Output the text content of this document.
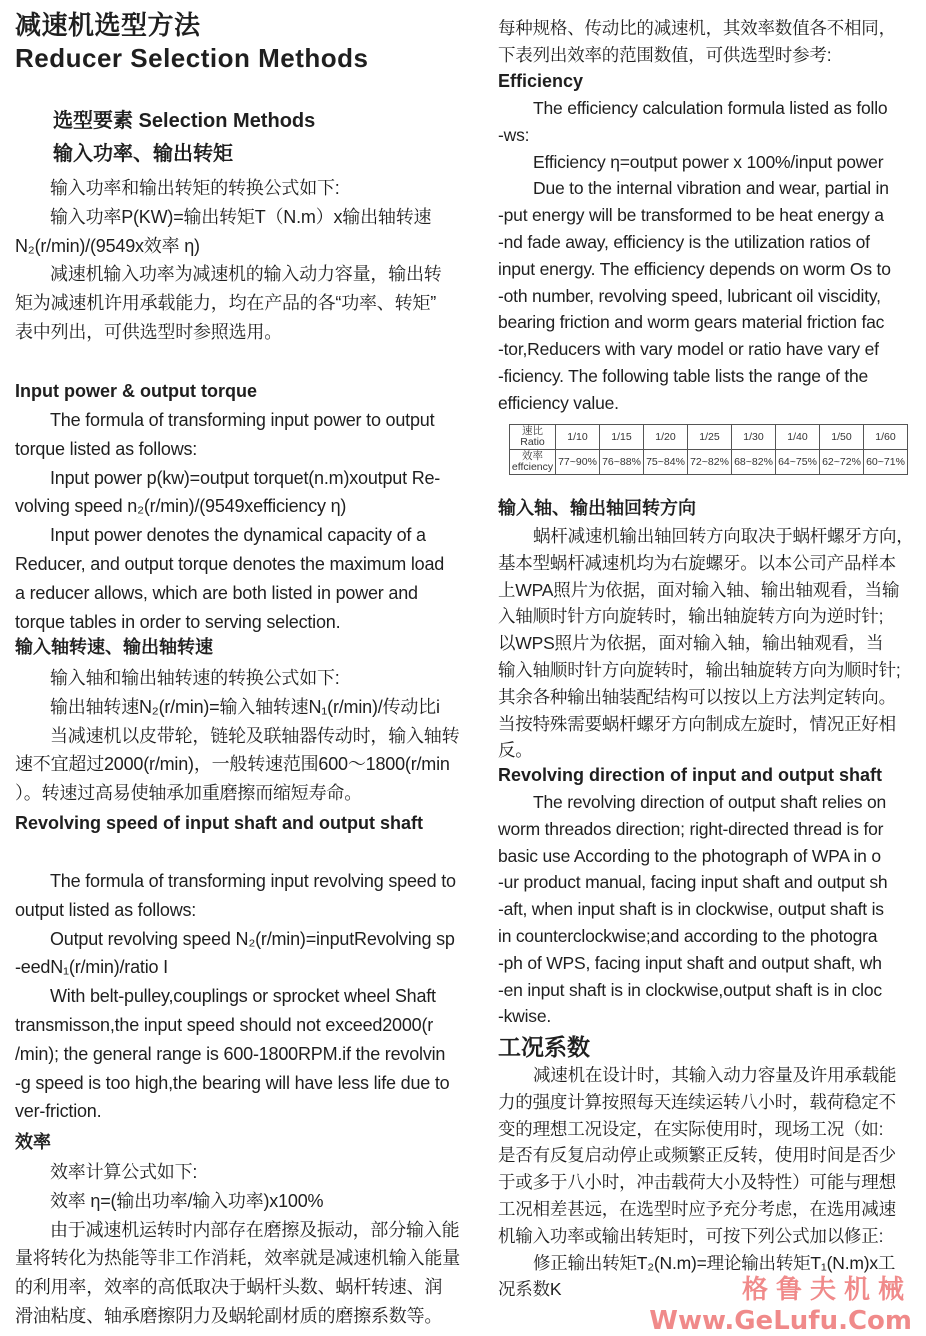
减速机选型方法
Reducer Selection Methods
选型要素 Selection Methods
输入功率、输出转矩
输入功率和输出转矩的转换公式如下:
输入功率P(KW)=输出转矩T（N.m）x输出轴转速
N₂(r/min)/(9549x效率 η)
减速机输入功率为减速机的输入动力容量，输出转
矩为减速机许用承载能力，均在产品的各“功率、转矩”
表中列出，可供选型时参照选用。
Input power & output torque
The formula of transforming input power to output
torque listed as follows:
Input power p(kw)=output torquet(n.m)xoutput Re-
volving speed n₂(r/min)/(9549xefficiency η)
Input power denotes the dynamical capacity of a
Reducer, and output torque denotes the maximum load
a reducer allows, which are both listed in power and
torque tables in order to serving selection.
输入轴转速、输出轴转速
输入轴和输出轴转速的转换公式如下:
输出轴转速N₂(r/min)=输入轴转速N₁(r/min)/传动比i
当减速机以皮带轮，链轮及联轴器传动时，输入轴转
速不宜超过2000(r/min)，一般转速范围600～1800(r/min
）。转速过高易使轴承加重磨擦而缩短寿命。
Revolving speed of input shaft and output shaft
The formula of transforming input revolving speed to
output listed as follows:
Output revolving speed N₂(r/min)=inputRevolving sp
-eedN₁(r/min)/ratio I
With belt-pulley,couplings or sprocket wheel Shaft
transmisson,the input speed should not exceed2000(r
/min); the general range is 600-1800RPM.if the revolvin
-g speed is too high,the bearing will have less life due to
ver-friction.
效率
效率计算公式如下:
效率 η=(输出功率/输入功率)x100%
由于减速机运转时内部存在磨擦及振动，部分输入能
量将转化为热能等非工作消耗，效率就是减速机输入能量
的利用率，效率的高低取决于蜗杆头数、蜗杆转速、润
滑油粘度、轴承磨擦阴力及蜗轮副材质的磨擦系数等。
每种规格、传动比的减速机，其效率数值各不相同，
下表列出效率的范围数值，可供选型时参考:
Efficiency
The efficiency calculation formula listed as follo
-ws:
Efficiency η=output power x 100%/input power
Due to the internal vibration and wear, partial in
-put energy will be transformed to be heat energy a
-nd fade away, efficiency is the utilization ratios of
input energy. The efficiency depends on worm Os to
-oth number, revolving speed, lubricant oil viscidity,
bearing friction and worm gears material friction fac
-tor,Reducers with vary model or ratio have vary ef
-ficiency. The following table lists the range of the
efficiency value.
输入轴、输出轴回转方向
蜗杆减速机输出轴回转方向取决于蜗杆螺牙方向，
基本型蜗杆减速机均为右旋螺牙。以本公司产品样本
上WPA照片为依据，面对输入轴、输出轴观看，当输
入轴顺时针方向旋转时，输出轴旋转方向为逆时针;
以WPS照片为依据，面对输入轴，输出轴观看，当
输入轴顺时针方向旋转时，输出轴旋转方向为顺时针;
其余各种输出轴装配结构可以按以上方法判定转向。
当按特殊需要蜗杆螺牙方向制成左旋时，情况正好相
反。
Revolving direction of input and output shaft
The revolving direction of output shaft relies on
worm threados direction; right-directed thread is for
basic use According to the photograph of WPA in o
-ur product manual, facing input shaft and output sh
-aft, when input shaft is in clockwise, output shaft is
in counterclockwise;and according to the photogra
-ph of WPS, facing input shaft and output shaft, wh
-en input shaft is in clockwise,output shaft is in cloc
-kwise.
工况系数
减速机在设计时，其输入动力容量及许用承载能
力的强度计算按照每天连续运转八小时，载荷稳定不
变的理想工况设定，在实际使用时，现场工况（如:
是否有反复启动停止或频繁正反转，使用时间是否少
于或多于八小时，冲击载荷大小及特性）可能与理想
工况相差甚远，在选型时应予充分考虑，在选用减速
机输入功率或输出转矩时，可按下列公式加以修正:
修正输出转矩T₂(N.m)=理论输出转矩T₁(N.m)x工
况系数K
速比
Ratio	1/10	1/15	1/20	1/25	1/30	1/40	1/50	1/60

效率
effciency	77~90%	76~88%	75~84%	72~82%	68~82%	64~75%	62~72%	60~71%
格鲁夫机械
Www.GeLufu.Com
